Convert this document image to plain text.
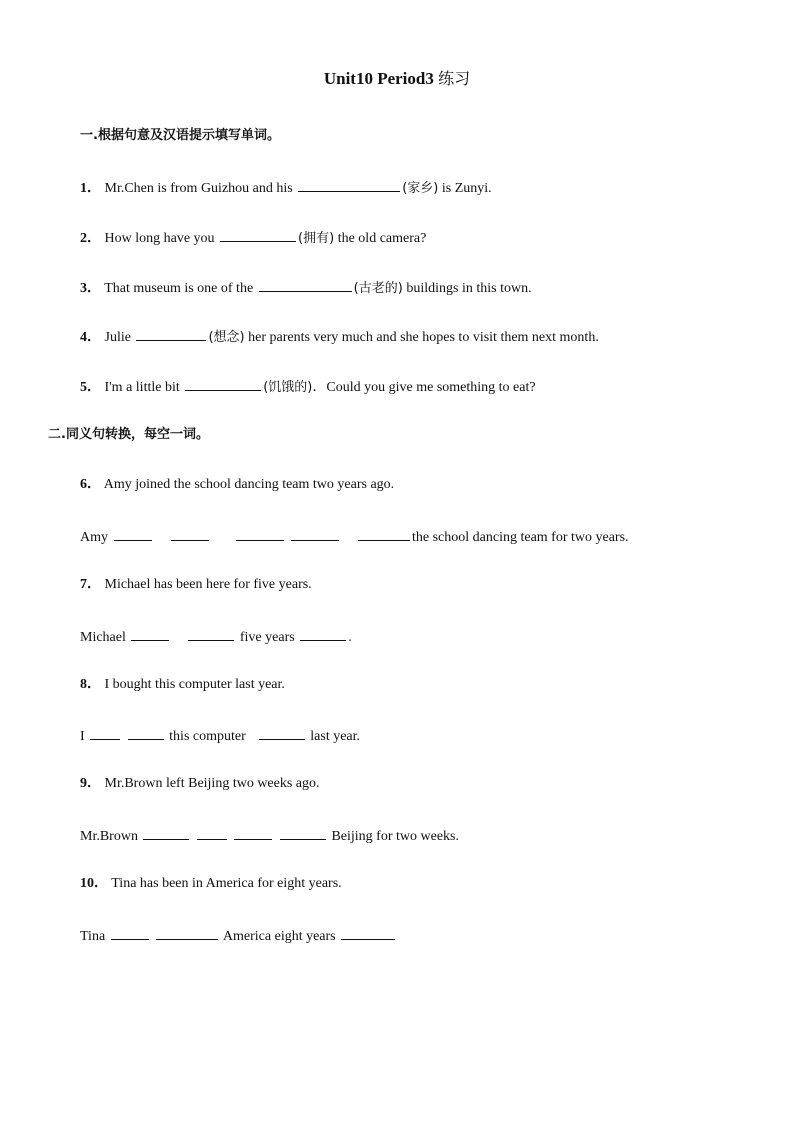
Unit10 Period3 练习
一.根据句意及汉语提示填写单词。
1． Mr.Chen is from Guizhou and his	(家乡) is Zunyi.
2． How long have you	(拥有) the old camera?
3． That museum is one of the	(古老的) buildings in this town.
4． Julie	(想念) her parents very much and she hopes to visit them next month.
5． I'm a little bit	(饥饿的)．Could you give me something to eat?
二.同义句转换，每空一词。
6． Amy joined the school dancing team two years ago.
Amy	the school dancing team for two years.
7． Michael has been here for five years.
Michael	five years	.
8． I bought this computer last year.
I	this computer	last year.
9． Mr.Brown left Beijing two weeks ago.
Mr.Brown	Beijing for two weeks.
10． Tina has been in America for eight years.
Tina	America eight years
